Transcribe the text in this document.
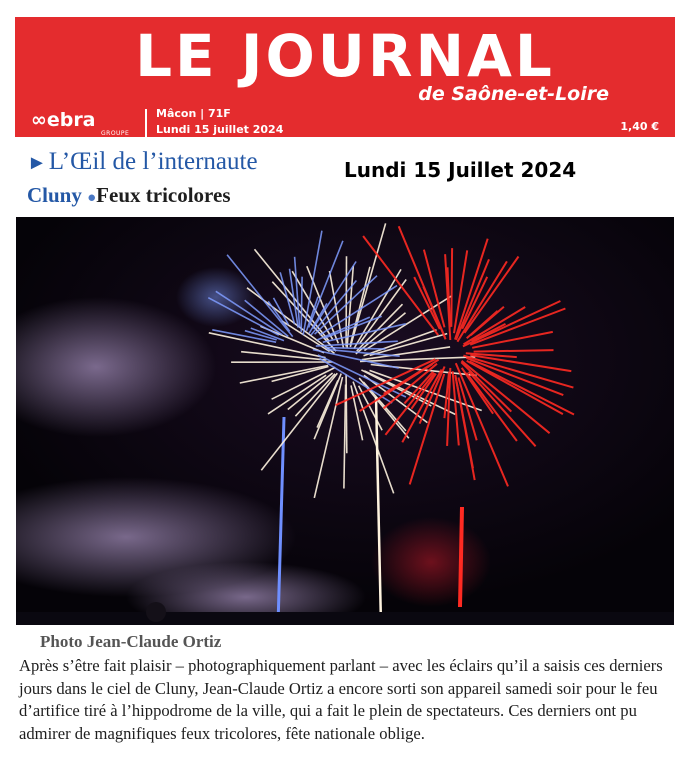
LE JOURNAL
de Saône-et-Loire
∞ebra
GROUPE
Mâcon | 71F
Lundi 15 juillet 2024	1,40 €
►L’Œil de l’internaute	Lundi 15 Juillet 2024
Cluny ●Feux tricolores
Photo Jean-Claude Ortiz

Après s’être fait plaisir – photographiquement parlant – avec les éclairs qu’il a saisis ces derniers
jours dans le ciel de Cluny, Jean-Claude Ortiz a encore sorti son appareil samedi soir pour le feu
d’artifice tiré à l’hippodrome de la ville, qui a fait le plein de spectateurs. Ces derniers ont pu
admirer de magnifiques feux tricolores, fête nationale oblige.
